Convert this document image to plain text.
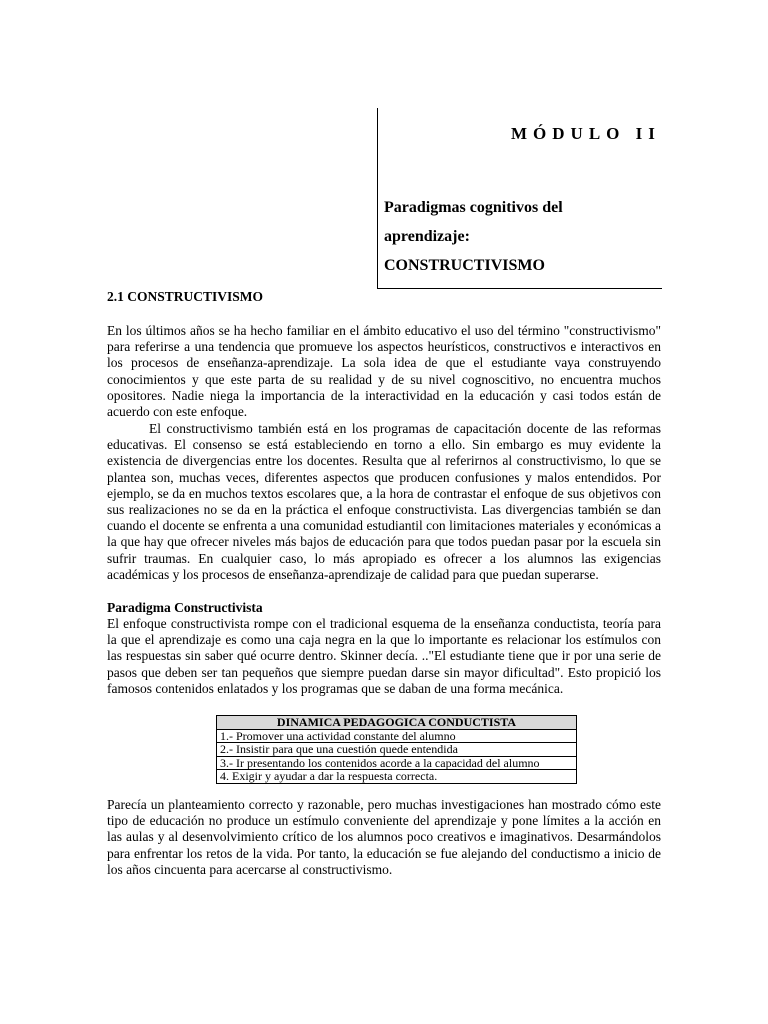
MÓDULO II
Paradigmas cognitivos del
aprendizaje:
CONSTRUCTIVISMO
2.1 CONSTRUCTIVISMO

En los últimos años se ha hecho familiar en el ámbito educativo el uso del término "constructivismo" para referirse a una tendencia que promueve los aspectos heurísticos, constructivos e interactivos en los procesos de enseñanza-aprendizaje. La sola idea de que el estudiante vaya construyendo conocimientos y que este parta de su realidad y de su nivel cognoscitivo, no encuentra muchos opositores. Nadie niega la importancia de la interactividad en la educación y casi todos están de acuerdo con este enfoque.

El constructivismo también está en los programas de capacitación docente de las reformas educativas. El consenso se está estableciendo en torno a ello. Sin embargo es muy evidente la existencia de divergencias entre los docentes. Resulta que al referirnos al constructivismo, lo que se plantea son, muchas veces, diferentes aspectos que producen confusiones y malos entendidos. Por ejemplo, se da en muchos textos escolares que, a la hora de contrastar el enfoque de sus objetivos con sus realizaciones no se da en la práctica el enfoque constructivista. Las divergencias también se dan cuando el docente se enfrenta a una comunidad estudiantil con limitaciones materiales y económicas a la que hay que ofrecer niveles más bajos de educación para que todos puedan pasar por la escuela sin sufrir traumas. En cualquier caso, lo más apropiado es ofrecer a los alumnos las exigencias académicas y los procesos de enseñanza-aprendizaje de calidad para que puedan superarse.

Paradigma Constructivista

El enfoque constructivista rompe con el tradicional esquema de la enseñanza conductista, teoría para la que el aprendizaje es como una caja negra en la que lo importante es relacionar los estímulos con las respuestas sin saber qué ocurre dentro. Skinner decía. .."El estudiante tiene que ir por una serie de pasos que deben ser tan pequeños que siempre puedan darse sin mayor dificultad". Esto propició los famosos contenidos enlatados y los programas que se daban de una forma mecánica.

DINAMICA PEDAGOGICA CONDUCTISTA
1.- Promover una actividad constante del alumno
2.- Insistir para que una cuestión quede entendida
3.- Ir presentando los contenidos acorde a la capacidad del alumno
4. Exigir y ayudar a dar la respuesta correcta.

Parecía un planteamiento correcto y razonable, pero muchas investigaciones han mostrado cómo este tipo de educación no produce un estímulo conveniente del aprendizaje y pone límites a la acción en las aulas y al desenvolvimiento crítico de los alumnos poco creativos e imaginativos. Desarmándolos para enfrentar los retos de la vida. Por tanto, la educación se fue alejando del conductismo a inicio de los años cincuenta para acercarse al constructivismo.
